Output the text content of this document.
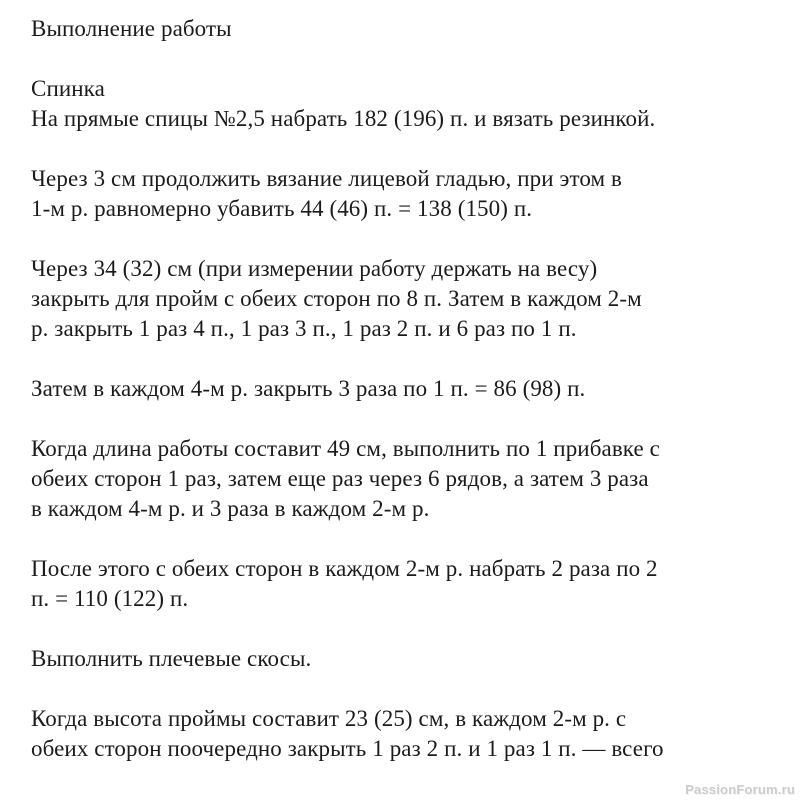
Выполнение работы
Спинка
На прямые спицы №2,5 набрать 182 (196) п. и вязать резинкой.
Через 3 см продолжить вязание лицевой гладью, при этом в
1-м р. равномерно убавить 44 (46) п. = 138 (150) п.
Через 34 (32) см (при измерении работу держать на весу)
закрыть для пройм с обеих сторон по 8 п. Затем в каждом 2-м
р. закрыть 1 раз 4 п., 1 раз 3 п., 1 раз 2 п. и 6 раз по 1 п.
Затем в каждом 4-м р. закрыть 3 раза по 1 п. = 86 (98) п.
Когда длина работы составит 49 см, выполнить по 1 прибавке с
обеих сторон 1 раз, затем еще раз через 6 рядов, а затем 3 раза
в каждом 4-м р. и 3 раза в каждом 2-м р.
После этого с обеих сторон в каждом 2-м р. набрать 2 раза по 2
п. = 110 (122) п.
Выполнить плечевые скосы.
Когда высота проймы составит 23 (25) см, в каждом 2-м р. с
обеих сторон поочередно закрыть 1 раз 2 п. и 1 раз 1 п. — всего
PassionForum.ru
